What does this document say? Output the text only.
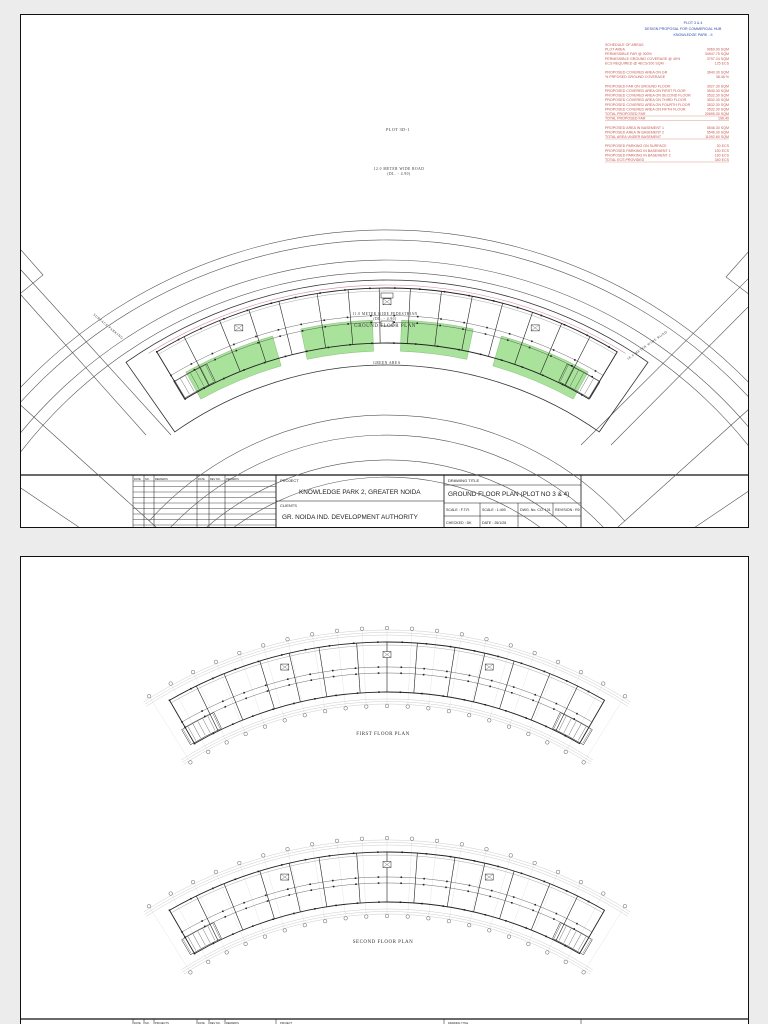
DATE NO. REMARKS	DATE REV NO. REMARKS	PROJECT
KNOWLEDGE PARK 2, GREATER NOIDA
CLIENTS
GR. NOIDA IND. DEVELOPMENT AUTHORITY
DRAWING TITLE
GROUND FLOOR PLAN (PLOT NO 3 & 4)
SCALE : F.T.R.	SCALE : 1:400	DWG. No. CO. 101 REVISION : R0
CHECKED : DK	DATE : 25/1/26
PLOT 3 & 4
DESIGN PROPOSAL FOR COMMERCIAL HUB
KNOWLEDGE PARK - II
SCHEDULE OF AREAS
PLOT AREA	9960.00 SQM
PERMISSIBLE FAR @ 300%	34947.75 SQM
PERMISSIBLE GROUND COVERAGE @ 40%	3797.24 SQM
ECS REQUIRED @ 4ECS/100 SQM	125 ECS
PROPOSED COVERED AREA ON GR	3640.30 SQM
% PRPOSED GROUND COVERAGE	38.48 %
PROPOSED FAR ON GROUND FLOOR	3027.30 SQM
PROPOSED COVERED AREA ON FIRST FLOOR	3540.30 SQM
PROPOSED COVERED AREA ON SECOND FLOOR	3532.30 SQM
PROPOSED COVERED AREA ON THIRD FLOOR	3532.30 SQM
PROPOSED COVERED AREA ON FOURTH FLOOR	3532.30 SQM
PROPOSED COVERED AREA ON FIFTH FLOOR	3532.30 SQM
TOTAL PROPOSED FAR	20695.30 SQM
TOTAL PROPOSED FAR	196.40
PROPOSED AREA IN BASEMENT 1	5546.30 SQM
PROPOSED AREA IN BASEMENT 2	5546.30 SQM
TOTAL AREA UNDER BASEMENT	11092.60 SQM
PROPOSED PARKING ON SURFACE	30 ECS
PROPOSED PARKING IN BASEMENT 1	150 ECS
PROPOSED PARKING IN BASEMENT 2	160 ECS
TOTAL ECS PROVIDED	340 ECS
PLOT 3D-1
12.0 METER WIDE ROAD
(DL. - 4.90)
11.0 METER WIDE PEDESTRIAN
(DL. - 4.90)
GROUND FLOOR PLAN
GREEN AREA
SURFACE PARKING
18.0 METER WIDE ROAD
FIRST FLOOR PLAN
SECOND FLOOR PLAN
DATE NO. PROJECTS	DATE REV NO. REMARKS	PROJECT	DRAWING TITLE
